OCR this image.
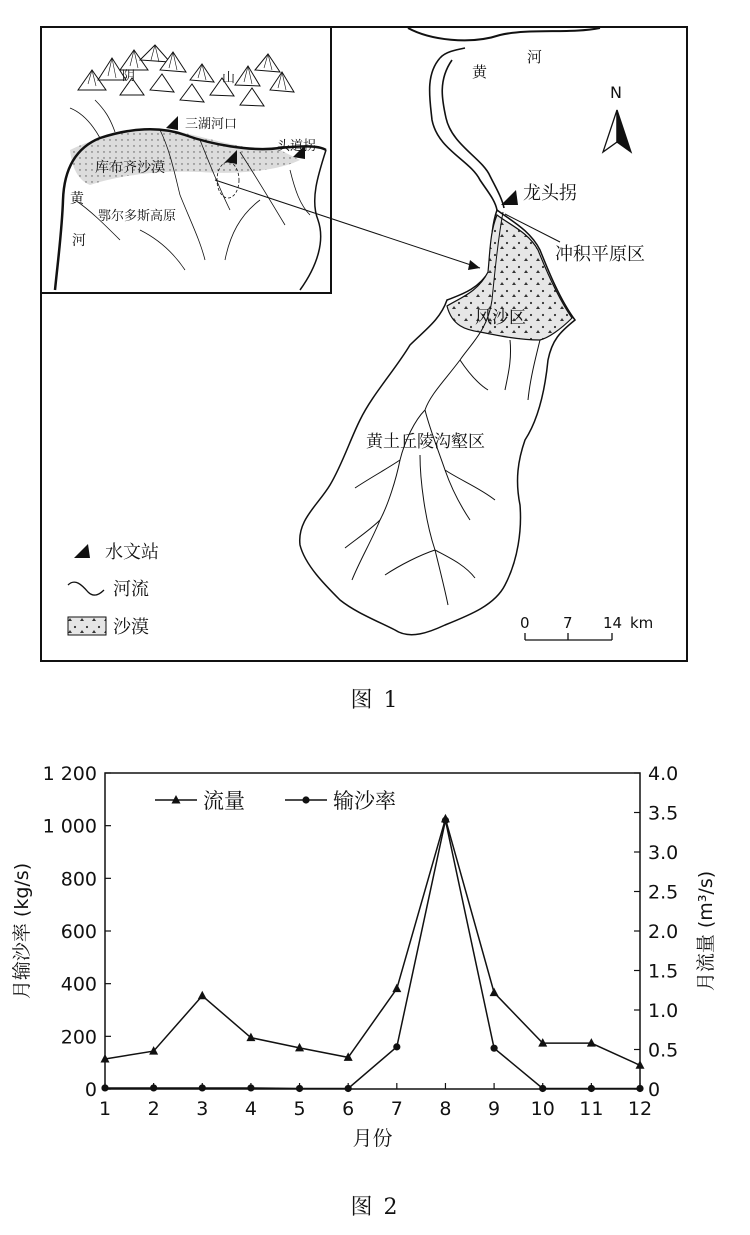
黄
河
N
龙头拐
冲积平原区
风沙区
黄土丘陵沟壑区
阴	山
三湖河口
头道拐
库布齐沙漠
鄂尔多斯高原
黄
河
水文站
河流
沙漠	0 7 14 km
图 1
0
200
400
600
800
1 000
1 200
0
0.5
1.0
1.5
2.0
2.5
3.0
3.5
4.0
1 2 3 4 5 6 7 8 9 10 11 12
月份
月输沙率 (kg/s)	月流量 (m³/s)
流量	输沙率
图 2
